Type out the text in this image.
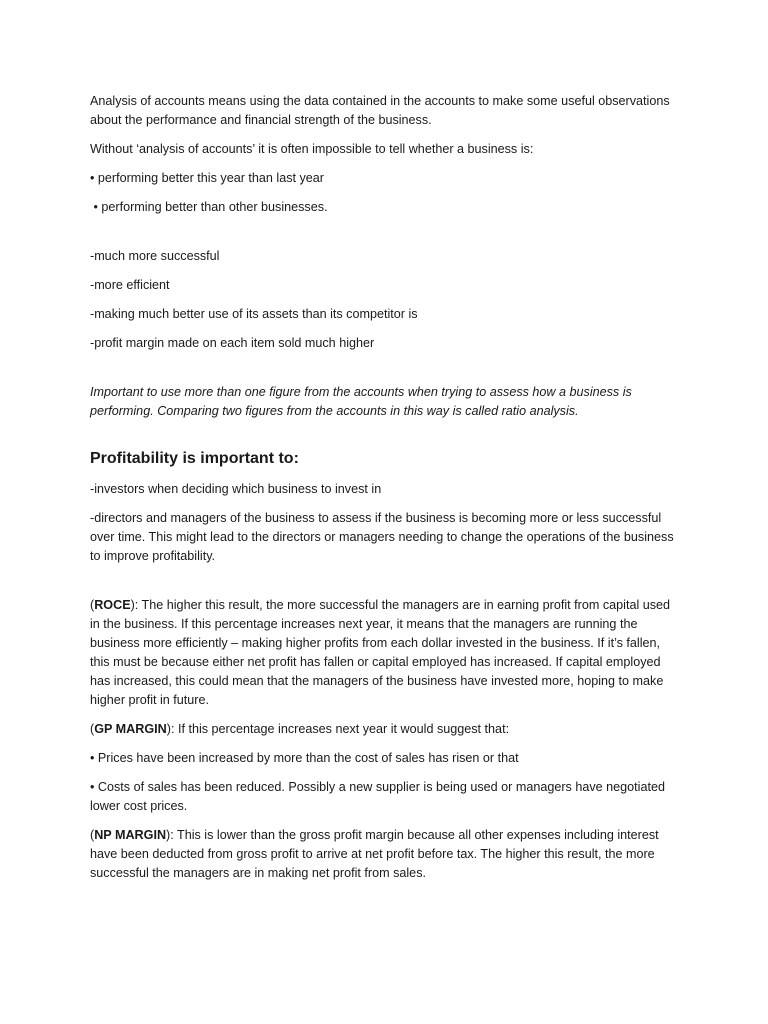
Analysis of accounts means using the data contained in the accounts to make some useful observations about the performance and financial strength of the business.

Without ‘analysis of accounts’ it is often impossible to tell whether a business is:

• performing better this year than last year

• performing better than other businesses.

-much more successful

-more efficient

-making much better use of its assets than its competitor is

-profit margin made on each item sold much higher

Important to use more than one figure from the accounts when trying to assess how a business is performing. Comparing two figures from the accounts in this way is called ratio analysis.

Profitability is important to:

-investors when deciding which business to invest in

-directors and managers of the business to assess if the business is becoming more or less successful over time. This might lead to the directors or managers needing to change the operations of the business to improve profitability.

(ROCE): The higher this result, the more successful the managers are in earning profit from capital used in the business. If this percentage increases next year, it means that the managers are running the business more efficiently – making higher profits from each dollar invested in the business. If it’s fallen, this must be because either net profit has fallen or capital employed has increased. If capital employed has increased, this could mean that the managers of the business have invested more, hoping to make higher profit in future.

(GP MARGIN): If this percentage increases next year it would suggest that:

• Prices have been increased by more than the cost of sales has risen or that

• Costs of sales has been reduced. Possibly a new supplier is being used or managers have negotiated lower cost prices.

(NP MARGIN): This is lower than the gross profit margin because all other expenses including interest have been deducted from gross profit to arrive at net profit before tax. The higher this result, the more successful the managers are in making net profit from sales.
